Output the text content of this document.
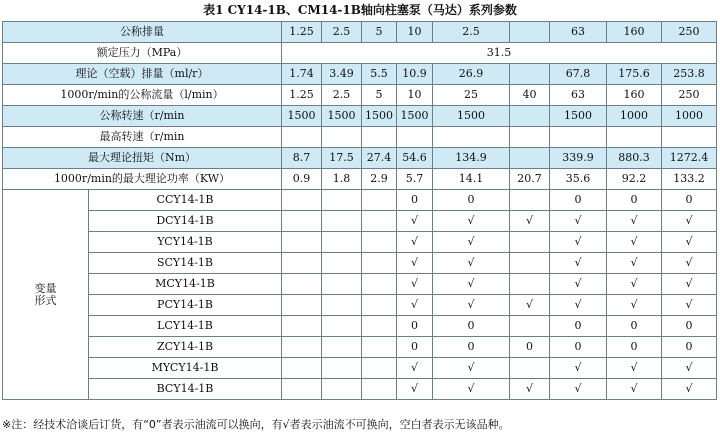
表1 CY14-1B、CM14-1B轴向柱塞泵（马达）系列参数
公称排量		1.25	2.5	5	10	2.5		63	160	250
额定压力（MPa）		31.5								
理论（空载）排量（ml/r）		1.74	3.49	5.5	10.9	26.9		67.8	175.6	253.8
1000r/min的公称流量（l/min）		1.25	2.5	5	10	25	40	63	160	250
公称转速（r/min		1500	1500	1500	1500	1500		1500	1000	1000
最高转速（r/min										
最大理论扭矩（Nm）		8.7	17.5	27.4	54.6	134.9		339.9	880.3	1272.4
1000r/min的最大理论功率（KW）		0.9	1.8	2.9	5.7	14.1	20.7	35.6	92.2	133.2
变量
形式	CCY14-1B				0	0		0	0	0
	DCY14-1B				√	√	√	√	√	√
	YCY14-1B				√	√		√	√	√
	SCY14-1B				√	√		√	√	√
	MCY14-1B				√	√		√	√	√
	PCY14-1B				√	√	√	√	√	√
	LCY14-1B				0	0		0	0	0
	ZCY14-1B				0	0	0	0	0	0
	MYCY14-1B				√	√		√	√	√
	BCY14-1B				√	√	√	√	√	√
※注：经技术洽谈后订货，有“0”者表示油流可以换向，有√者表示油流不可换向，空白者表示无该品种。
